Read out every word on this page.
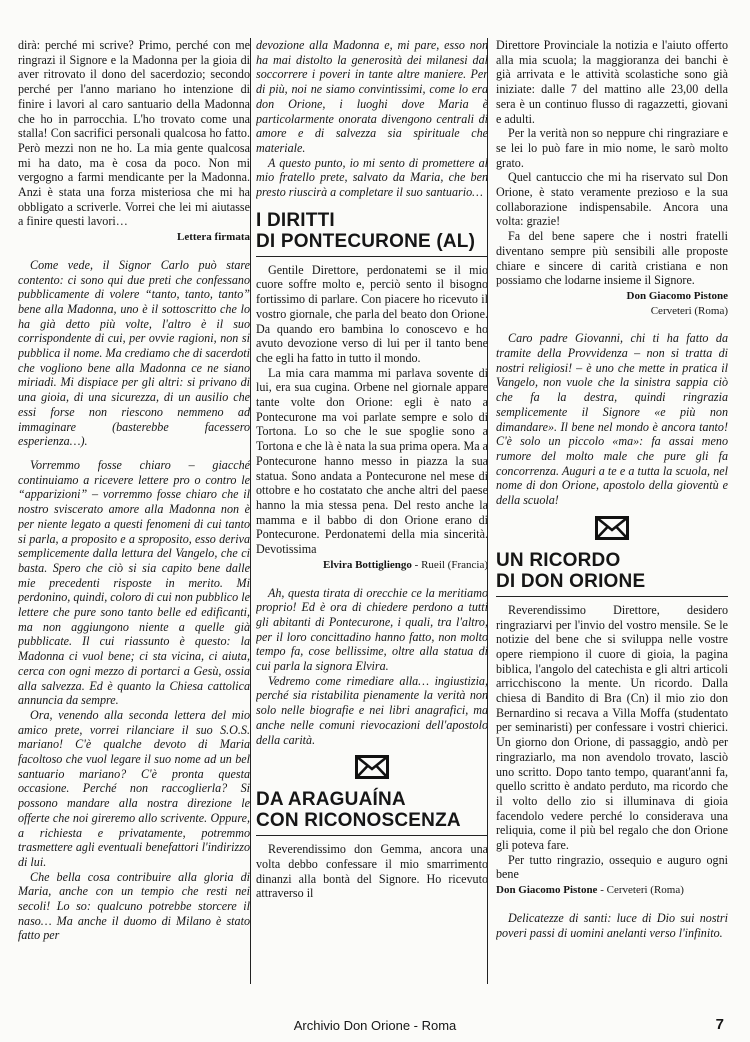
dirà: perché mi scrive? Primo, perché con me ringrazi il Signore e la Madonna per la gioia di aver ritrovato il dono del sacerdozio; secondo perché per l'anno mariano ho intenzione di finire i lavori al caro santuario della Madonna che ho in parrocchia. L'ho trovato come una stalla! Con sacrifici personali qualcosa ho fatto. Però mezzi non ne ho. La mia gente qualcosa mi ha dato, ma è cosa da poco. Non mi vergogno a farmi mendicante per la Madonna. Anzi è stata una forza misteriosa che mi ha obbligato a scriverle. Vorrei che lei mi aiutasse a finire questi lavori…

Lettera firmata

Come vede, il Signor Carlo può stare contento: ci sono qui due preti che confessano pubblicamente di volere “tanto, tanto, tanto” bene alla Madonna, uno è il sottoscritto che lo ha già detto più volte, l'altro è il suo corrispondente di cui, per ovvie ragioni, non si pubblica il nome. Ma crediamo che di sacerdoti che vogliono bene alla Madonna ce ne siano miriadi. Mi dispiace per gli altri: si privano di una gioia, di una sicurezza, di un ausilio che essi forse non riescono nemmeno ad immaginare (basterebbe facessero esperienza…).

Vorremmo fosse chiaro – giacché continuiamo a ricevere lettere pro o contro le “apparizioni” – vorremmo fosse chiaro che il nostro sviscerato amore alla Madonna non è per niente legato a questi fenomeni di cui tanto si parla, a proposito e a sproposito, esso deriva semplicemente dalla lettura del Vangelo, che ci basta. Spero che ciò si sia capito bene dalle mie precedenti risposte in merito. Mi perdonino, quindi, coloro di cui non pubblico le lettere che pure sono tanto belle ed edificanti, ma non aggiungono niente a quelle già pubblicate. Il cui riassunto è questo: la Madonna ci vuol bene; ci sta vicina, ci aiuta, cerca con ogni mezzo di portarci a Gesù, ossia alla salvezza. Ed è quanto la Chiesa cattolica annuncia da sempre.

Ora, venendo alla seconda lettera del mio amico prete, vorrei rilanciare il suo S.O.S. mariano! C'è qualche devoto di Maria facoltoso che vuol legare il suo nome ad un bel santuario mariano? C'è pronta questa occasione. Perché non raccoglierla? Si possono mandare alla nostra direzione le offerte che noi gireremo allo scrivente. Oppure, a richiesta e privatamente, potremmo trasmettere agli eventuali benefattori l'indirizzo di lui.

Che bella cosa contribuire alla gloria di Maria, anche con un tempio che resti nei secoli! Lo so: qualcuno potrebbe storcere il naso… Ma anche il duomo di Milano è stato fatto per

devozione alla Madonna e, mi pare, esso non ha mai distolto la generosità dei milanesi dal soccorrere i poveri in tante altre maniere. Per di più, noi ne siamo convintissimi, come lo era don Orione, i luoghi dove Maria è particolarmente onorata divengono centrali di amore e di salvezza sia spirituale che materiale.

A questo punto, io mi sento di promettere al mio fratello prete, salvato da Maria, che ben presto riuscirà a completare il suo santuario…

I DIRITTI
DI PONTECURONE (AL)

Gentile Direttore, perdonatemi se il mio cuore soffre molto e, perciò sento il bisogno fortissimo di parlare. Con piacere ho ricevuto il vostro giornale, che parla del beato don Orione. Da quando ero bambina lo conoscevo e ho avuto devozione verso di lui per il tanto bene che egli ha fatto in tutto il mondo.

La mia cara mamma mi parlava sovente di lui, era sua cugina. Orbene nel giornale appare tante volte don Orione: egli è nato a Pontecurone ma voi parlate sempre e solo di Tortona. Lo so che le sue spoglie sono a Tortona e che là è nata la sua prima opera. Ma a Pontecurone hanno messo in piazza la sua statua. Sono andata a Pontecurone nel mese di ottobre e ho costatato che anche altri del paese hanno la mia stessa pena. Del resto anche la mamma e il babbo di don Orione erano di Pontecurone. Perdonatemi della mia sincerità. Devotissima

Elvira Bottigliengo - Rueil (Francia)

Ah, questa tirata di orecchie ce la meritiamo proprio! Ed è ora di chiedere perdono a tutti gli abitanti di Pontecurone, i quali, tra l'altro, per il loro concittadino hanno fatto, non molto tempo fa, cose bellissime, oltre alla statua di cui parla la signora Elvira.

Vedremo come rimediare alla… ingiustizia, perché sia ristabilita pienamente la verità non solo nelle biografie e nei libri anagrafici, ma anche nelle comuni rievocazioni dell'apostolo della carità.

DA ARAGUAÍNA
CON RICONOSCENZA

Reverendissimo don Gemma, ancora una volta debbo confessare il mio smarrimento dinanzi alla bontà del Signore. Ho ricevuto attraverso il

Direttore Provinciale la notizia e l'aiuto offerto alla mia scuola; la maggioranza dei banchi è già arrivata e le attività scolastiche sono già iniziate: dalle 7 del mattino alle 23,00 della sera è un continuo flusso di ragazzetti, giovani e adulti.

Per la verità non so neppure chi ringraziare e se lei lo può fare in mio nome, le sarò molto grato.

Quel cantuccio che mi ha riservato sul Don Orione, è stato veramente prezioso e la sua collaborazione indispensabile. Ancora una volta: grazie!

Fa del bene sapere che i nostri fratelli diventano sempre più sensibili alle proposte chiare e sincere di carità cristiana e non possiamo che lodarne insieme il Signore.

Don Giacomo Pistone
Cerveteri (Roma)

Caro padre Giovanni, chi ti ha fatto da tramite della Provvidenza – non si tratta di nostri religiosi! – è uno che mette in pratica il Vangelo, non vuole che la sinistra sappia ciò che fa la destra, quindi ringrazia semplicemente il Signore «e più non dimandare». Il bene nel mondo è ancora tanto! C'è solo un piccolo «ma»: fa assai meno rumore del molto male che pure gli fa concorrenza. Auguri a te e a tutta la scuola, nel nome di don Orione, apostolo della gioventù e della scuola!

UN RICORDO
DI DON ORIONE

Reverendissimo Direttore, desidero ringraziarvi per l'invio del vostro mensile. Se le notizie del bene che si sviluppa nelle vostre opere riempiono il cuore di gioia, la pagina biblica, l'angolo del catechista e gli altri articoli arricchiscono la mente. Un ricordo. Dalla chiesa di Bandito di Bra (Cn) il mio zio don Bernardino si recava a Villa Moffa (studentato per seminaristi) per confessare i vostri chierici. Un giorno don Orione, di passaggio, andò per ringraziarlo, ma non avendolo trovato, lasciò uno scritto. Dopo tanto tempo, quarant'anni fa, quello scritto è andato perduto, ma ricordo che il volto dello zio si illuminava di gioia facendolo vedere perché lo considerava una reliquia, come il più bel regalo che don Orione gli poteva fare.

Per tutto ringrazio, ossequio e auguro ogni bene

Don Giacomo Pistone - Cerveteri (Roma)

Delicatezze di santi: luce di Dio sui nostri poveri passi di uomini anelanti verso l'infinito.

Archivio Don Orione - Roma	7
